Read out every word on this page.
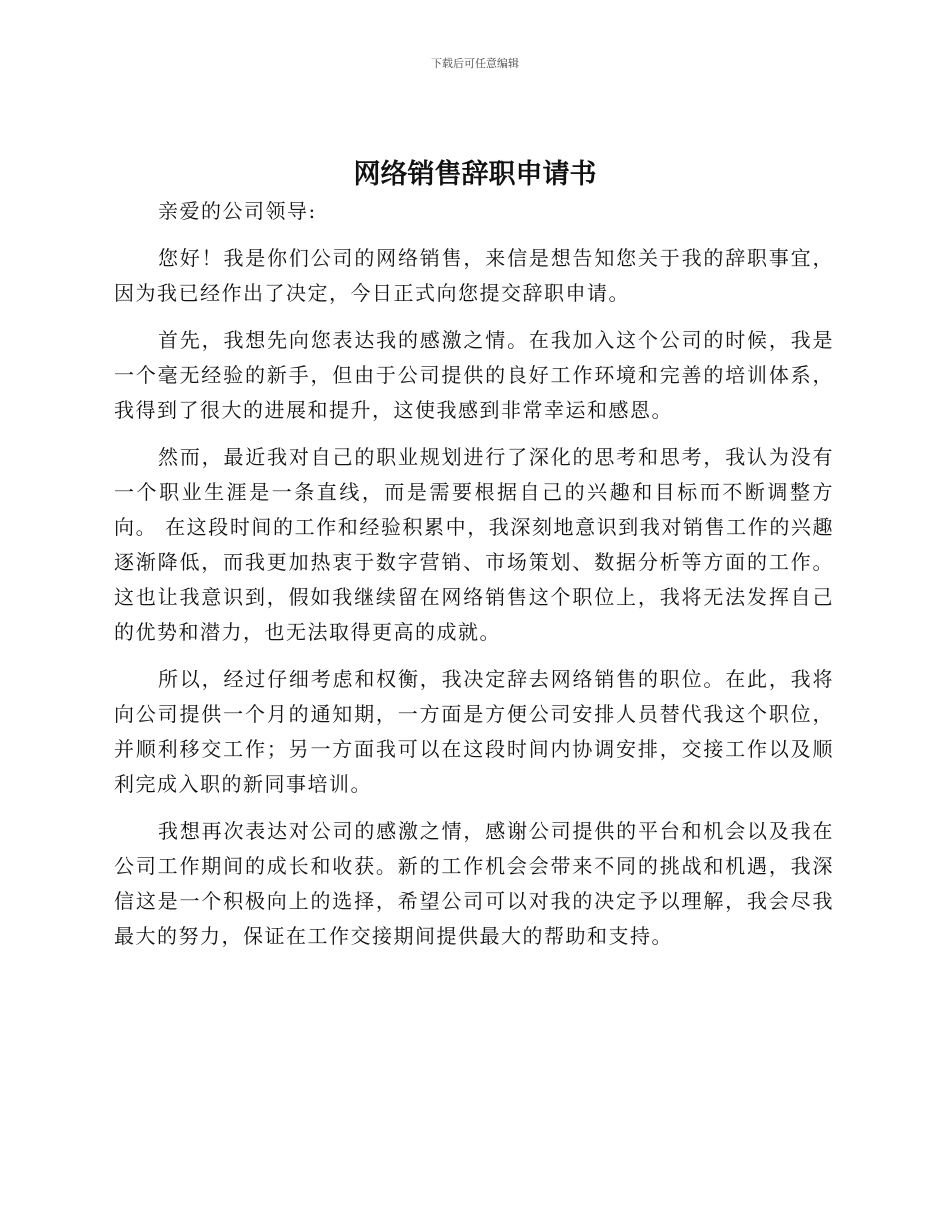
下载后可任意编辑
网络销售辞职申请书

亲爱的公司领导:

您好！我是你们公司的网络销售，来信是想告知您关于我的辞职事宜，因为我已经作出了决定，今日正式向您提交辞职申请。

首先，我想先向您表达我的感激之情。在我加入这个公司的时候，我是一个毫无经验的新手，但由于公司提供的良好工作环境和完善的培训体系，我得到了很大的进展和提升，这使我感到非常幸运和感恩。

然而，最近我对自己的职业规划进行了深化的思考和思考，我认为没有一个职业生涯是一条直线，而是需要根据自己的兴趣和目标而不断调整方向。 在这段时间的工作和经验积累中，我深刻地意识到我对销售工作的兴趣逐渐降低，而我更加热衷于数字营销、市场策划、数据分析等方面的工作。这也让我意识到，假如我继续留在网络销售这个职位上，我将无法发挥自己的优势和潜力，也无法取得更高的成就。

所以，经过仔细考虑和权衡，我决定辞去网络销售的职位。在此，我将向公司提供一个月的通知期，一方面是方便公司安排人员替代我这个职位，并顺利移交工作；另一方面我可以在这段时间内协调安排，交接工作以及顺利完成入职的新同事培训。

我想再次表达对公司的感激之情，感谢公司提供的平台和机会以及我在公司工作期间的成长和收获。新的工作机会会带来不同的挑战和机遇，我深信这是一个积极向上的选择，希望公司可以对我的决定予以理解，我会尽我最大的努力，保证在工作交接期间提供最大的帮助和支持。
